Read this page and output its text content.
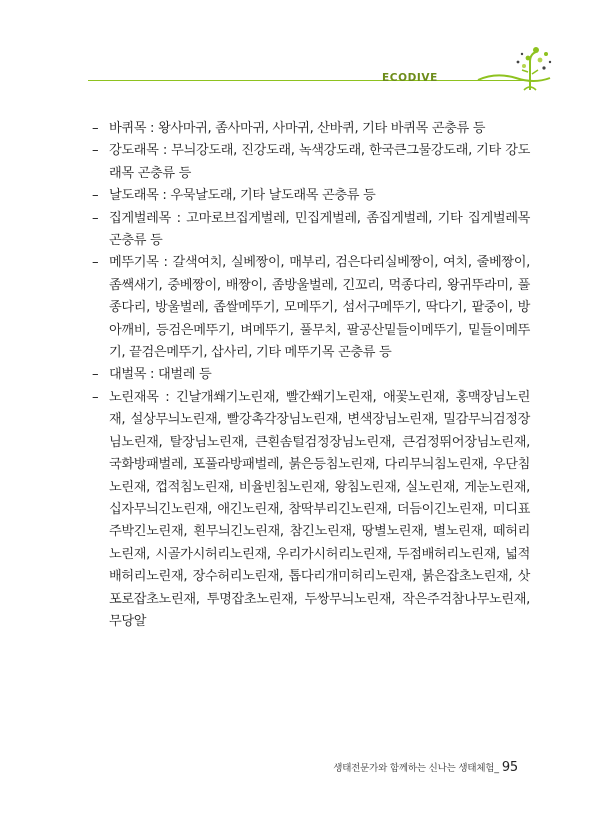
ECODIVE

– 바퀴목 : 왕사마귀, 좀사마귀, 사마귀, 산바퀴, 기타 바퀴목 곤충류 등

– 강도래목 : 무늬강도래, 진강도래, 녹색강도래, 한국큰그물강도래, 기타 강도래목 곤충류 등

– 날도래목 : 우묵날도래, 기타 날도래목 곤충류 등

– 집게벌레목 : 고마로브집게벌레, 민집게벌레, 좀집게벌레, 기타 집게벌레목 곤충류 등

– 메뚜기목 : 갈색여치, 실베짱이, 매부리, 검은다리실베짱이, 여치, 줄베짱이, 좀쌕새기, 중베짱이, 배짱이, 좀방울벌레, 긴꼬리, 먹종다리, 왕귀뚜라미, 풀종다리, 방울벌레, 좁쌀메뚜기, 모메뚜기, 섬서구메뚜기, 딱다기, 팥중이, 방아깨비, 등검은메뚜기, 벼메뚜기, 풀무치, 팔공산밑들이메뚜기, 밑들이메뚜기, 끝검은메뚜기, 삽사리, 기타 메뚜기목 곤충류 등

– 대벌목 : 대벌레 등

– 노린재목 : 긴날개쐐기노린재, 빨간쐐기노린재, 애꽃노린재, 홍맥장님노린재, 설상무늬노린재, 빨강촉각장님노린재, 변색장님노린재, 밀감무늬검정장님노린재, 탈장님노린재, 큰흰솜털검정장님노린재, 큰검정뛰어장님노린재, 국화방패벌레, 포풀라방패벌레, 붉은등침노린재, 다리무늬침노린재, 우단침노린재, 껍적침노린재, 비율빈침노린재, 왕침노린재, 실노린재, 게눈노린재, 십자무늬긴노린재, 애긴노린재, 참딱부리긴노린재, 더듬이긴노린재, 미디표주박긴노린재, 흰무늬긴노린재, 참긴노린재, 땅별노린재, 별노린재, 떼허리노린재, 시골가시허리노린재, 우리가시허리노린재, 두점배허리노린재, 넓적배허리노린재, 장수허리노린재, 톱다리개미허리노린재, 붉은잡초노린재, 삿포로잡초노린재, 투명잡초노린재, 두쌍무늬노린재, 작은주걱참나무노린재, 무당알

생태전문가와 함께하는 신나는 생태체험_ 95
